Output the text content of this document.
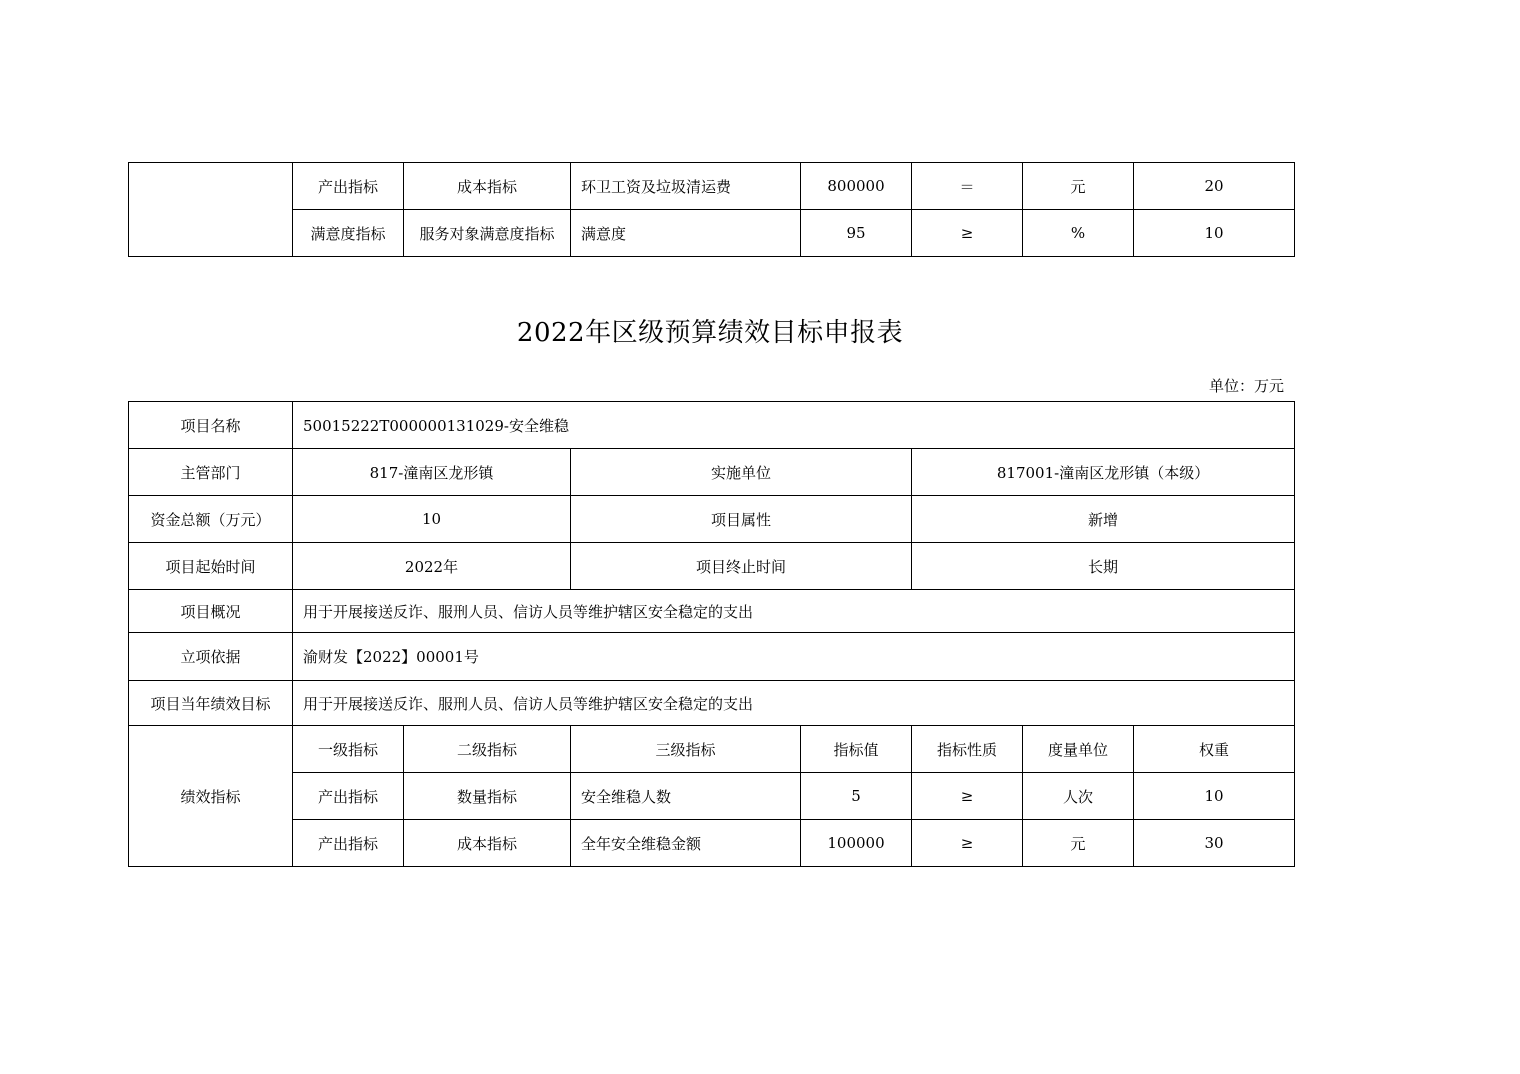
	产出指标	成本指标	环卫工资及垃圾清运费	800000	＝	元	20
	满意度指标	服务对象满意度指标	满意度	95	≥	%	10
2022年区级预算绩效目标申报表
单位：万元
项目名称	50015222T000000131029-安全维稳						
主管部门	817-潼南区龙形镇		实施单位		817001-潼南区龙形镇（本级）		
资金总额（万元）	10		项目属性		新增		
项目起始时间	2022年		项目终止时间		长期		
项目概况	用于开展接送反诈、服刑人员、信访人员等维护辖区安全稳定的支出						
立项依据	渝财发【2022】00001号						
项目当年绩效目标	用于开展接送反诈、服刑人员、信访人员等维护辖区安全稳定的支出						
绩效指标	一级指标	二级指标	三级指标	指标值	指标性质	度量单位	权重
	产出指标	数量指标	安全维稳人数	5	≥	人次	10
	产出指标	成本指标	全年安全维稳金额	100000	≥	元	30
